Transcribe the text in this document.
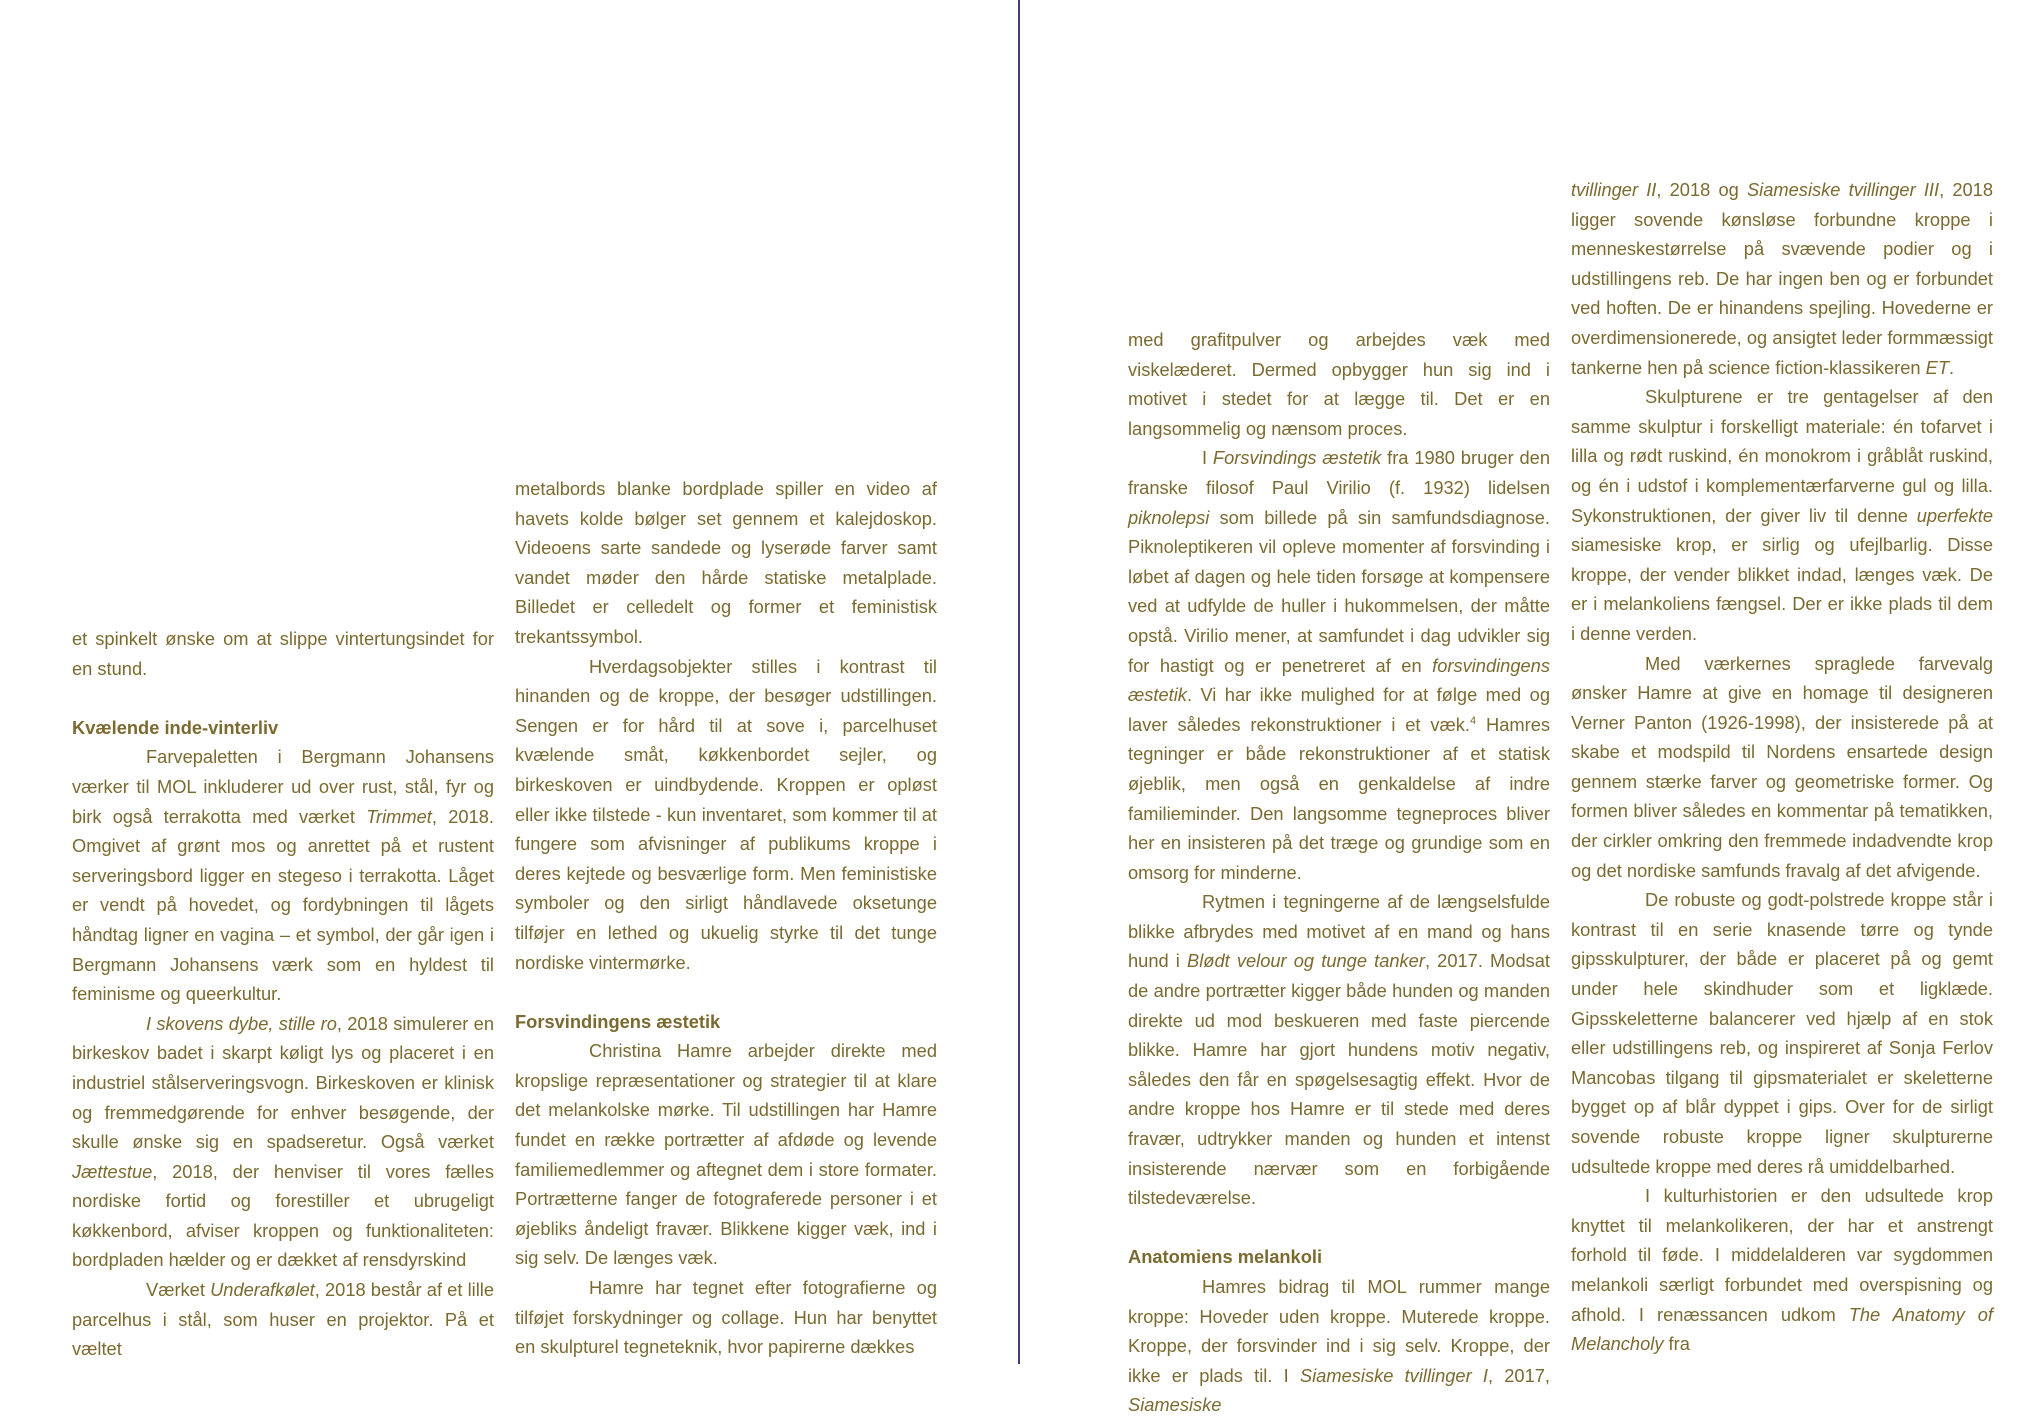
et spinkelt ønske om at slippe vintertungsindet for en stund.

Kvælende inde-vinterliv

Farvepaletten i Bergmann Johansens værker til MOL inkluderer ud over rust, stål, fyr og birk også terrakotta med værket Trimmet, 2018. Omgivet af grønt mos og anrettet på et rustent serveringsbord ligger en stegeso i terrakotta. Låget er vendt på hovedet, og fordybningen til lågets håndtag ligner en vagina – et symbol, der går igen i Bergmann Johansens værk som en hyldest til feminisme og queerkultur.

I skovens dybe, stille ro, 2018 simulerer en birkeskov badet i skarpt køligt lys og placeret i en industriel stålserveringsvogn. Birkeskoven er klinisk og fremmedgørende for enhver besøgende, der skulle ønske sig en spadseretur. Også værket Jættestue, 2018, der henviser til vores fælles nordiske fortid og forestiller et ubrugeligt køkkenbord, afviser kroppen og funktionaliteten: bordpladen hælder og er dækket af rensdyrskind

Værket Underafkølet, 2018 består af et lille parcelhus i stål, som huser en projektor. På et væltet

metalbords blanke bordplade spiller en video af havets kolde bølger set gennem et kalejdoskop. Videoens sarte sandede og lyserøde farver samt vandet møder den hårde statiske metalplade. Billedet er celledelt og former et feministisk trekantssymbol.

Hverdagsobjekter stilles i kontrast til hinanden og de kroppe, der besøger udstillingen. Sengen er for hård til at sove i, parcelhuset kvælende småt, køkkenbordet sejler, og birkeskoven er uindbydende. Kroppen er opløst eller ikke tilstede - kun inventaret, som kommer til at fungere som afvisninger af publikums kroppe i deres kejtede og besværlige form. Men feministiske symboler og den sirligt håndlavede oksetunge tilføjer en lethed og ukuelig styrke til det tunge nordiske vintermørke.

Forsvindingens æstetik

Christina Hamre arbejder direkte med kropslige repræsentationer og strategier til at klare det melankolske mørke. Til udstillingen har Hamre fundet en række portrætter af afdøde og levende familiemedlemmer og aftegnet dem i store formater. Portrætterne fanger de fotograferede personer i et øjebliks åndeligt fravær. Blikkene kigger væk, ind i sig selv. De længes væk.

Hamre har tegnet efter fotografierne og tilføjet forskydninger og collage. Hun har benyttet en skulpturel tegneteknik, hvor papirerne dækkes

med grafitpulver og arbejdes væk med viskelæderet. Dermed opbygger hun sig ind i motivet i stedet for at lægge til. Det er en langsommelig og nænsom proces.

I Forsvindings æstetik fra 1980 bruger den franske filosof Paul Virilio (f. 1932) lidelsen piknolepsi som billede på sin samfundsdiagnose. Piknoleptikeren vil opleve momenter af forsvinding i løbet af dagen og hele tiden forsøge at kompensere ved at udfylde de huller i hukommelsen, der måtte opstå. Virilio mener, at samfundet i dag udvikler sig for hastigt og er penetreret af en forsvindingens æstetik. Vi har ikke mulighed for at følge med og laver således rekonstruktioner i et væk.$^4$ Hamres tegninger er både rekonstruktioner af et statisk øjeblik, men også en genkaldelse af indre familieminder. Den langsomme tegneproces bliver her en insisteren på det træge og grundige som en omsorg for minderne.

Rytmen i tegningerne af de længselsfulde blikke afbrydes med motivet af en mand og hans hund i Blødt velour og tunge tanker, 2017. Modsat de andre portrætter kigger både hunden og manden direkte ud mod beskueren med faste piercende blikke. Hamre har gjort hundens motiv negativ, således den får en spøgelsesagtig effekt. Hvor de andre kroppe hos Hamre er til stede med deres fravær, udtrykker manden og hunden et intenst insisterende nærvær som en forbigående tilstedeværelse.

Anatomiens melankoli

Hamres bidrag til MOL rummer mange kroppe: Hoveder uden kroppe. Muterede kroppe. Kroppe, der forsvinder ind i sig selv. Kroppe, der ikke er plads til. I Siamesiske tvillinger I, 2017, Siamesiske

tvillinger II, 2018 og Siamesiske tvillinger III, 2018 ligger sovende kønsløse forbundne kroppe i menneskestørrelse på svævende podier og i udstillingens reb. De har ingen ben og er forbundet ved hoften. De er hinandens spejling. Hovederne er overdimensionerede, og ansigtet leder formmæssigt tankerne hen på science fiction-klassikeren ET.

Skulpturene er tre gentagelser af den samme skulptur i forskelligt materiale: én tofarvet i lilla og rødt ruskind, én monokrom i gråblåt ruskind, og én i udstof i komplementærfarverne gul og lilla. Sykonstruktionen, der giver liv til denne uperfekte siamesiske krop, er sirlig og ufejlbarlig. Disse kroppe, der vender blikket indad, længes væk. De er i melankoliens fængsel. Der er ikke plads til dem i denne verden.

Med værkernes spraglede farvevalg ønsker Hamre at give en homage til designeren Verner Panton (1926-1998), der insisterede på at skabe et modspild til Nordens ensartede design gennem stærke farver og geometriske former. Og formen bliver således en kommentar på tematikken, der cirkler omkring den fremmede indadvendte krop og det nordiske samfunds fravalg af det afvigende.

De robuste og godt-polstrede kroppe står i kontrast til en serie knasende tørre og tynde gipsskulpturer, der både er placeret på og gemt under hele skindhuder som et ligklæde. Gipsskeletterne balancerer ved hjælp af en stok eller udstillingens reb, og inspireret af Sonja Ferlov Mancobas tilgang til gipsmaterialet er skeletterne bygget op af blår dyppet i gips. Over for de sirligt sovende robuste kroppe ligner skulpturerne udsultede kroppe med deres rå umiddelbarhed.

I kulturhistorien er den udsultede krop knyttet til melankolikeren, der har et anstrengt forhold til føde. I middelalderen var sygdommen melankoli særligt forbundet med overspisning og afhold. I renæssancen udkom The Anatomy of Melancholy fra
